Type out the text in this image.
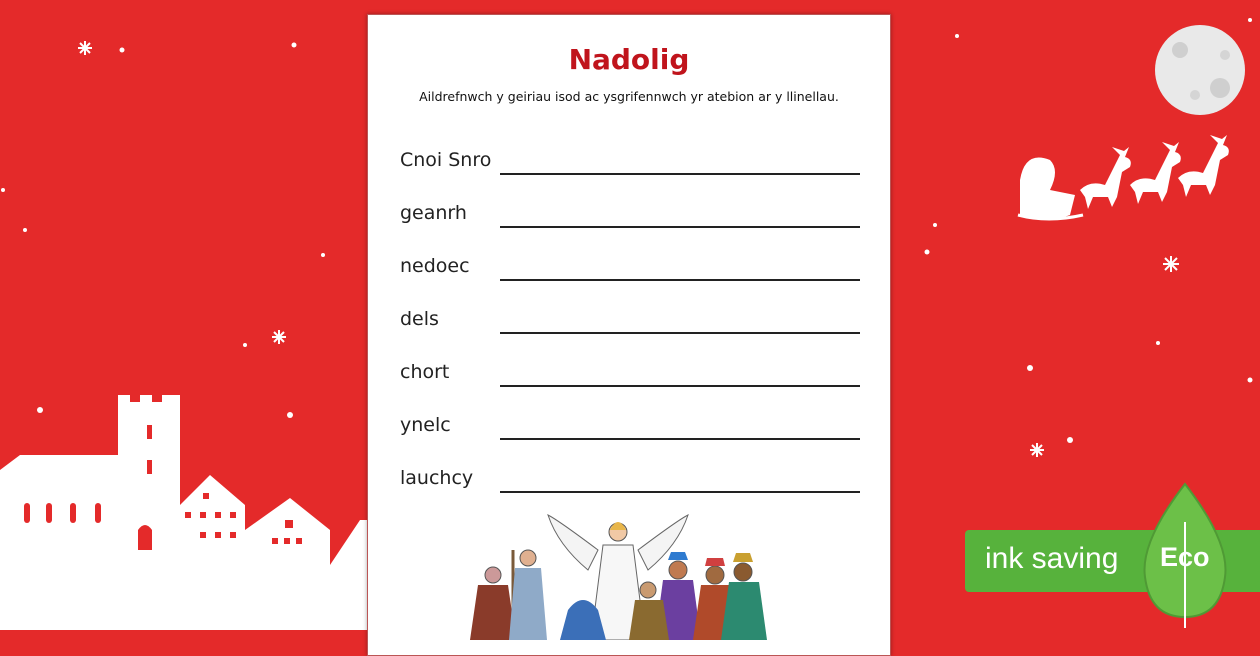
Nadolig
Aildrefnwch y geiriau isod ac ysgrifennwch yr atebion ar y llinellau.
Cnoi Snro
geanrh
nedoec
dels
chort
ynelc
lauchcy
ink saving Eco
